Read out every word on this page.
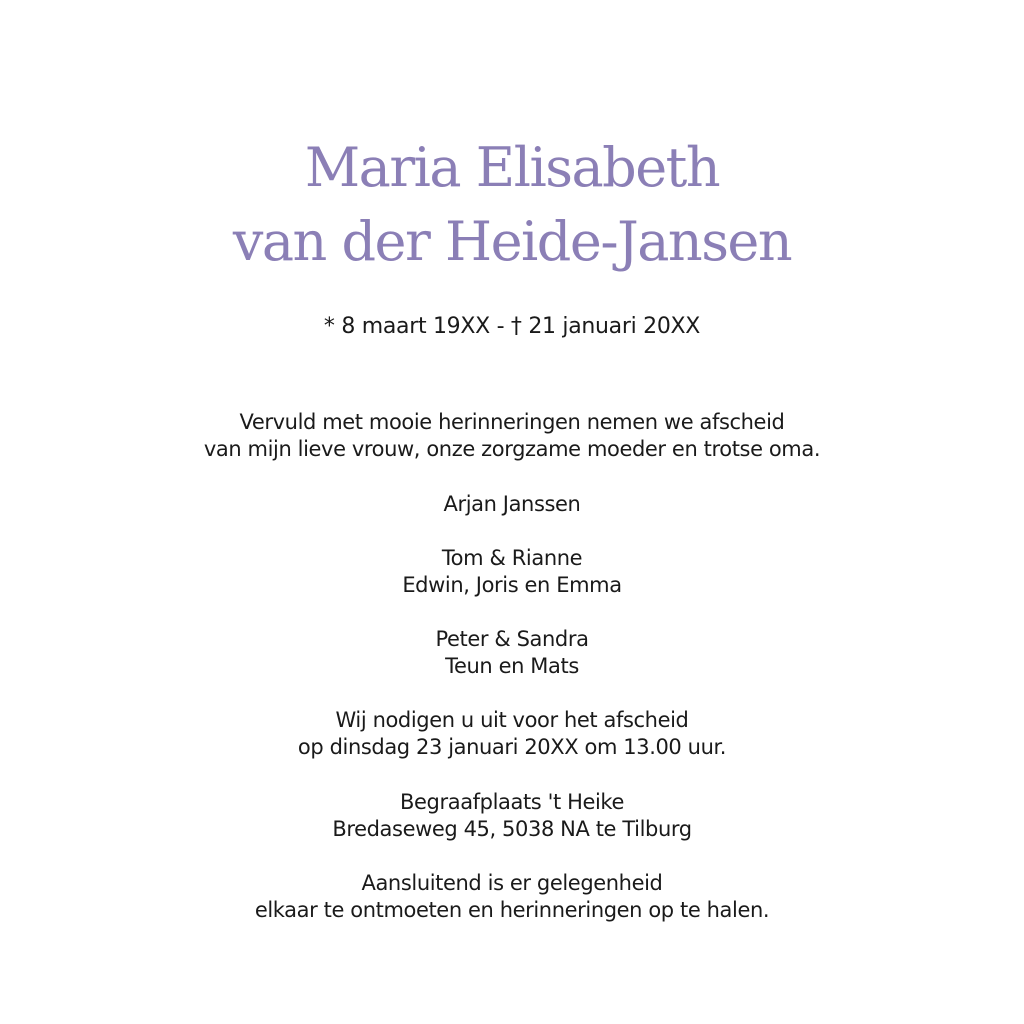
Maria Elisabeth
van der Heide-Jansen
* 8 maart 19XX - † 21 januari 20XX
Vervuld met mooie herinneringen nemen we afscheid
van mijn lieve vrouw, onze zorgzame moeder en trotse oma.
Arjan Janssen
Tom & Rianne
Edwin, Joris en Emma
Peter & Sandra
Teun en Mats
Wij nodigen u uit voor het afscheid
op dinsdag 23 januari 20XX om 13.00 uur.
Begraafplaats 't Heike
Bredaseweg 45, 5038 NA te Tilburg
Aansluitend is er gelegenheid
elkaar te ontmoeten en herinneringen op te halen.
